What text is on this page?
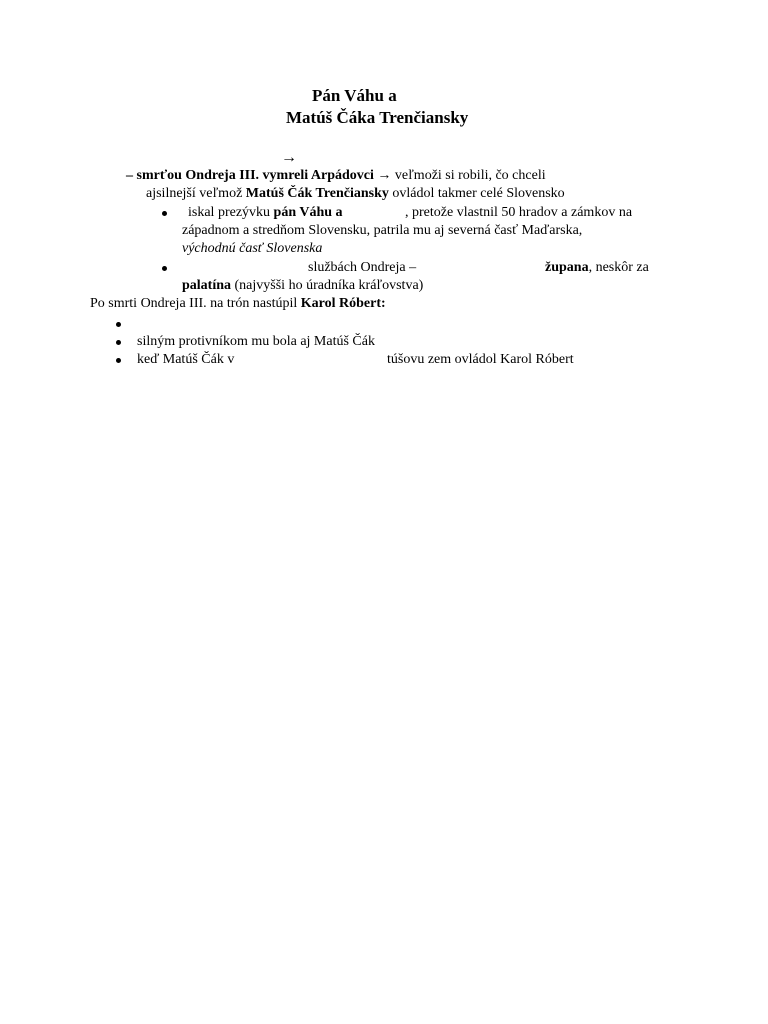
Pán Váhu a
Matúš Čáka Trenčiansky
→
– smrťou Ondreja III. vymreli Arpádovci → veľmoži si robili, čo chceli
ajsilnejší veľmož Matúš Čák Trenčiansky ovládol takmer celé Slovensko
iskal prezývku pán Váhu a	, pretože vlastnil 50 hradov a zámkov na
západnom a stredňom Slovensku, patrila mu aj severná časť Maďarska,
východnú časť Slovenska
službách Ondreja –	župana, neskôr za
palatína (najvyšši ho úradníka kráľovstva)
Po smrti Ondreja III. na trón nastúpil Karol Róbert:
silným protivníkom mu bola aj Matúš Čák
keď Matúš Čák v	túšovu zem ovládol Karol Róbert
